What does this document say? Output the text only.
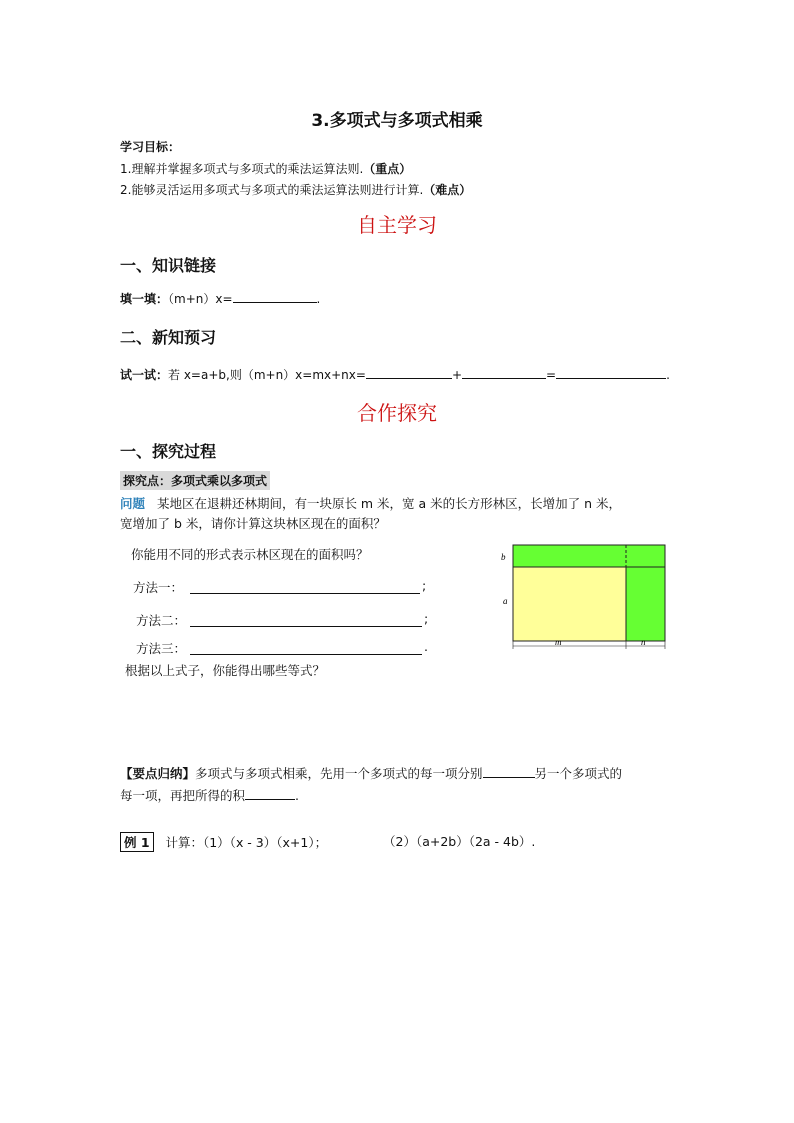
3.多项式与多项式相乘
学习目标：
1.理解并掌握多项式与多项式的乘法运算法则.（重点）
2.能够灵活运用多项式与多项式的乘法运算法则进行计算.（难点）
自主学习
一、知识链接
填一填：（m+n）x=	.
二、新知预习
试一试：若 x=a+b,则（m+n）x=mx+nx=	+	=	.
合作探究
一、探究过程
探究点：多项式乘以多项式
问题 某地区在退耕还林期间，有一块原长 m 米，宽 a 米的长方形林区，长增加了 n 米，
宽增加了 b 米，请你计算这块林区现在的面积？
你能用不同的形式表示林区现在的面积吗？
方法一：	;
方法二：	;
方法三：	.
根据以上式子，你能得出哪些等式？
b
a
m	n
【要点归纳】多项式与多项式相乘，先用一个多项式的每一项分别	另一个多项式的
每一项，再把所得的积	.
例 1 计算：（1）（x - 3）（x+1）；	（2）（a+2b）（2a - 4b）.
